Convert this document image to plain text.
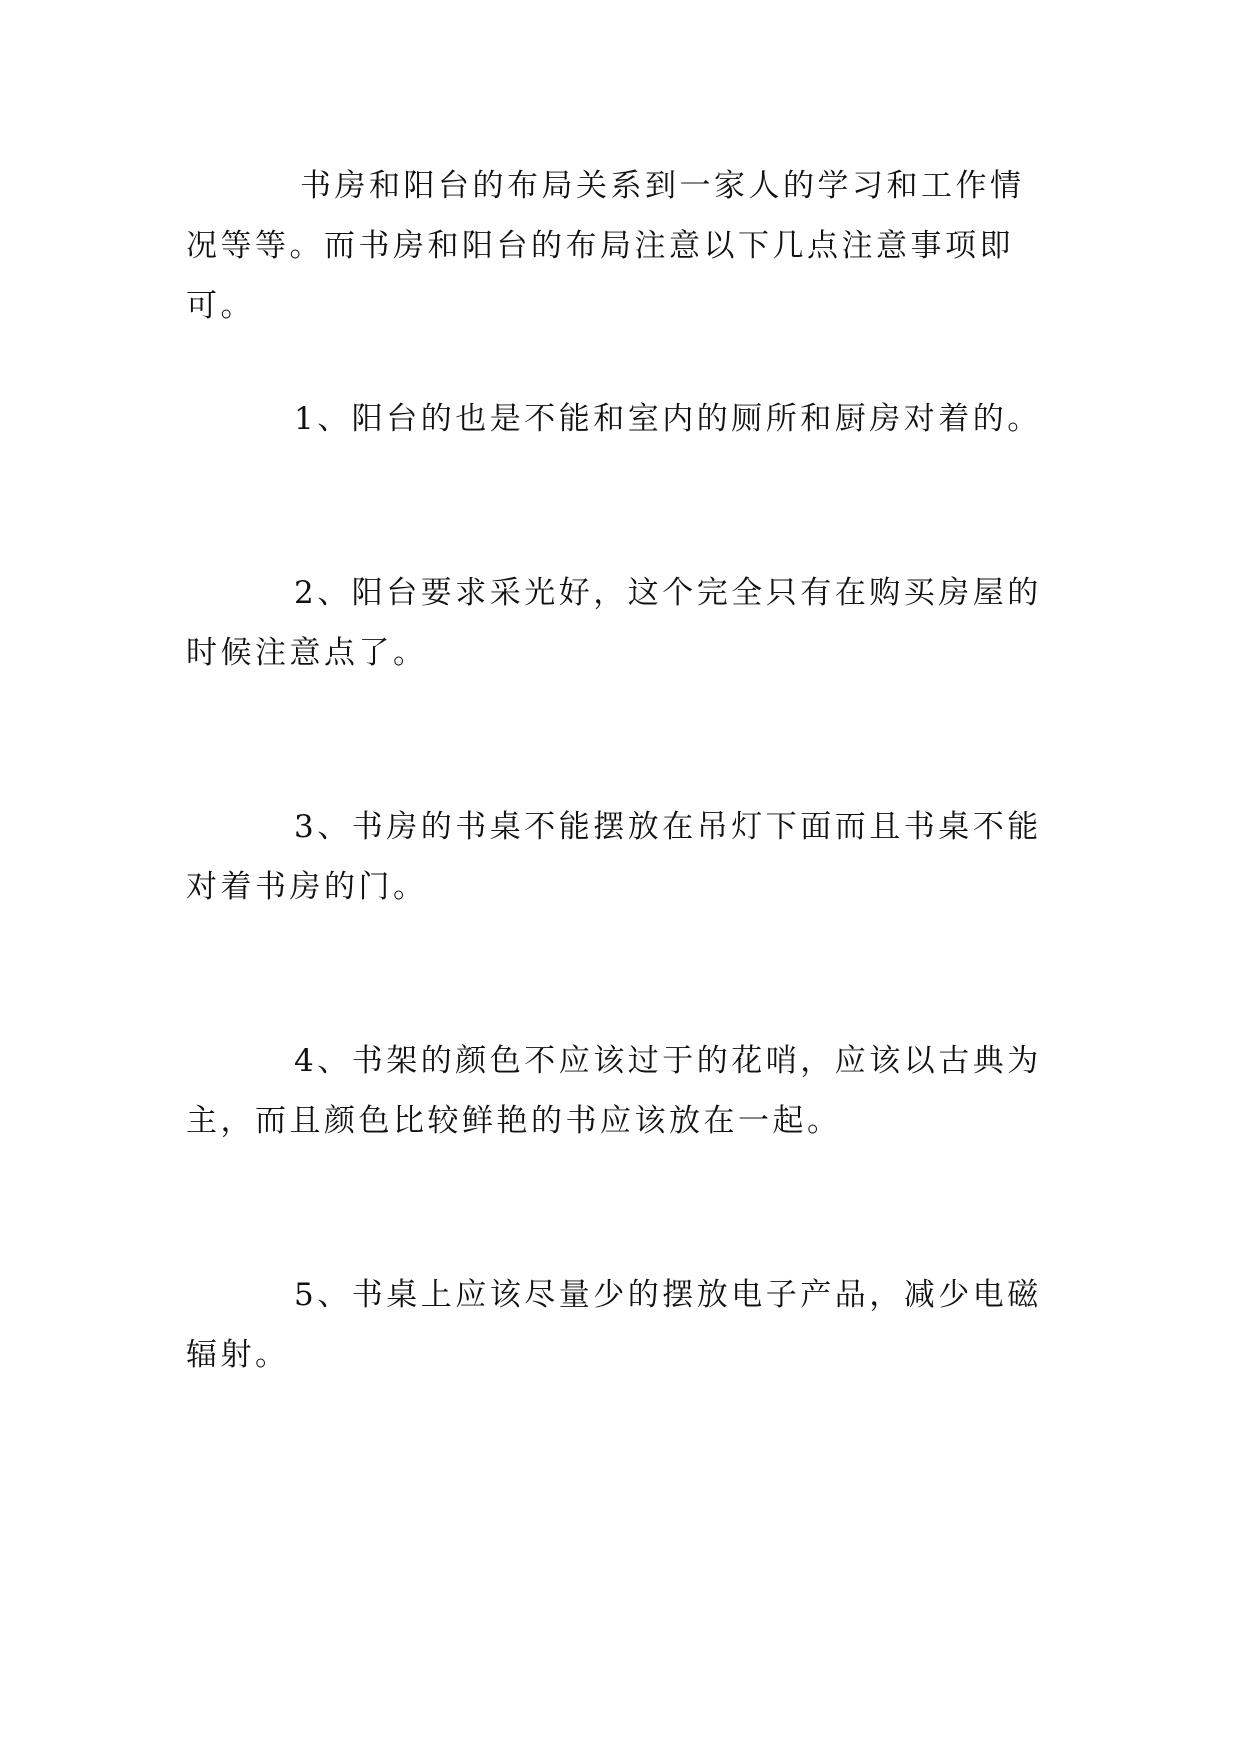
书房和阳台的布局关系到一家人的学习和工作情况等等。而书房和阳台的布局注意以下几点注意事项即可。

1、阳台的也是不能和室内的厕所和厨房对着的。

2、阳台要求采光好，这个完全只有在购买房屋的时候注意点了。

3、书房的书桌不能摆放在吊灯下面而且书桌不能对着书房的门。

4、书架的颜色不应该过于的花哨，应该以古典为主，而且颜色比较鲜艳的书应该放在一起。

5、书桌上应该尽量少的摆放电子产品，减少电磁辐射。
